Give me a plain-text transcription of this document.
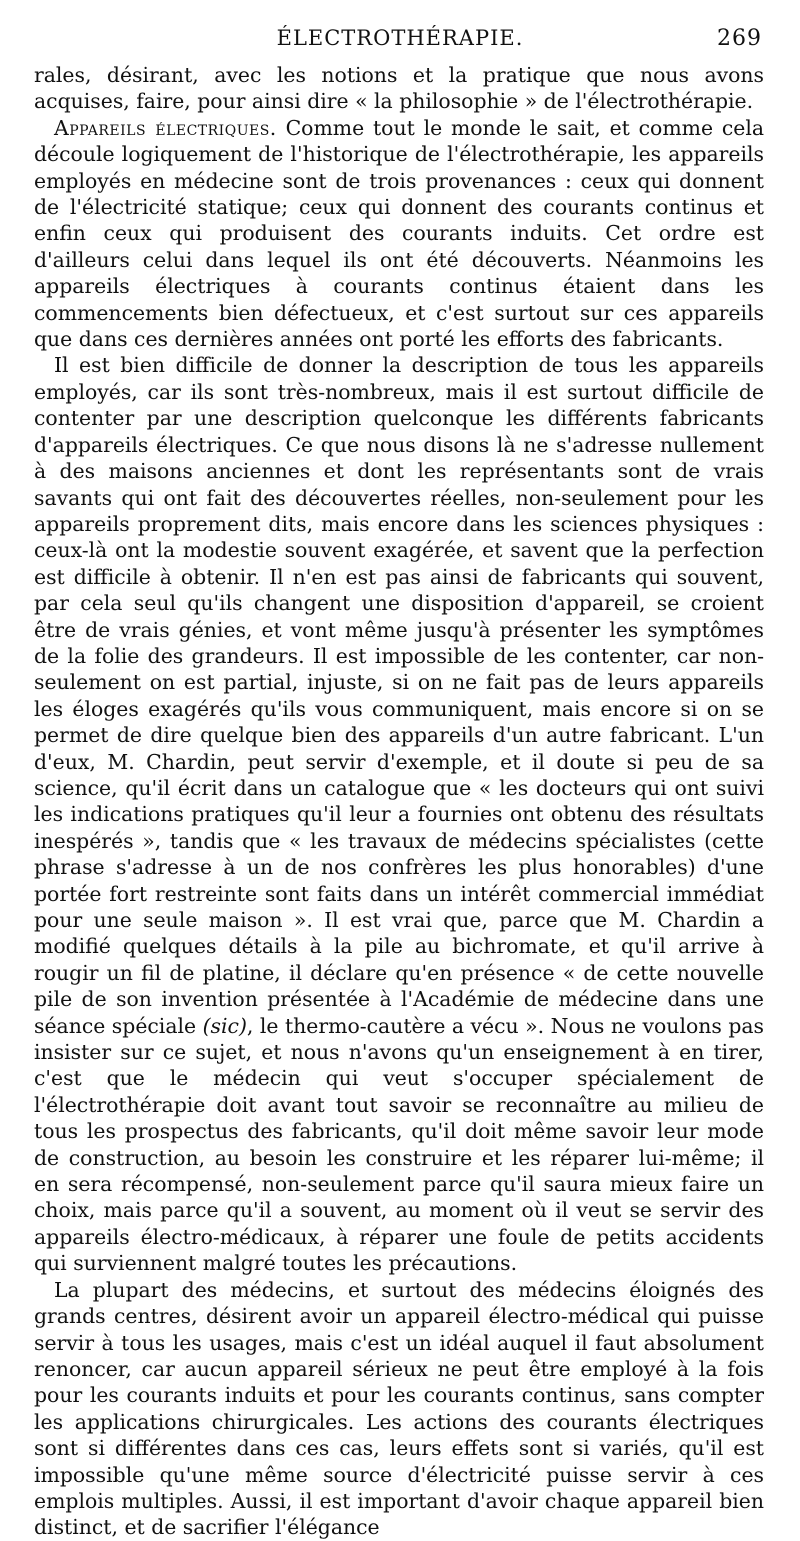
ÉLECTROTHÉRAPIE.	269

rales, désirant, avec les notions et la pratique que nous avons acquises, faire, pour ainsi dire « la philosophie » de l'électrothérapie.

Appareils électriques. Comme tout le monde le sait, et comme cela découle logiquement de l'historique de l'électrothérapie, les appareils employés en médecine sont de trois provenances : ceux qui donnent de l'électricité statique; ceux qui donnent des courants continus et enfin ceux qui produisent des courants induits. Cet ordre est d'ailleurs celui dans lequel ils ont été découverts. Néanmoins les appareils électriques à courants continus étaient dans les commencements bien défectueux, et c'est surtout sur ces appareils que dans ces dernières années ont porté les efforts des fabricants.

Il est bien difficile de donner la description de tous les appareils employés, car ils sont très-nombreux, mais il est surtout difficile de contenter par une description quelconque les différents fabricants d'appareils électriques. Ce que nous disons là ne s'adresse nullement à des maisons anciennes et dont les représentants sont de vrais savants qui ont fait des découvertes réelles, non-seulement pour les appareils proprement dits, mais encore dans les sciences physiques : ceux-là ont la modestie souvent exagérée, et savent que la perfection est difficile à obtenir. Il n'en est pas ainsi de fabricants qui souvent, par cela seul qu'ils changent une disposition d'appareil, se croient être de vrais génies, et vont même jusqu'à présenter les symptômes de la folie des grandeurs. Il est impossible de les contenter, car non-seulement on est partial, injuste, si on ne fait pas de leurs appareils les éloges exagérés qu'ils vous communiquent, mais encore si on se permet de dire quelque bien des appareils d'un autre fabricant. L'un d'eux, M. Chardin, peut servir d'exemple, et il doute si peu de sa science, qu'il écrit dans un catalogue que « les docteurs qui ont suivi les indications pratiques qu'il leur a fournies ont obtenu des résultats inespérés », tandis que « les travaux de médecins spécialistes (cette phrase s'adresse à un de nos confrères les plus honorables) d'une portée fort restreinte sont faits dans un intérêt commercial immédiat pour une seule maison ». Il est vrai que, parce que M. Chardin a modifié quelques détails à la pile au bichromate, et qu'il arrive à rougir un fil de platine, il déclare qu'en présence « de cette nouvelle pile de son invention présentée à l'Académie de médecine dans une séance spéciale (sic), le thermo-cautère a vécu ». Nous ne voulons pas insister sur ce sujet, et nous n'avons qu'un enseignement à en tirer, c'est que le médecin qui veut s'occuper spécialement de l'électrothérapie doit avant tout savoir se reconnaître au milieu de tous les prospectus des fabricants, qu'il doit même savoir leur mode de construction, au besoin les construire et les réparer lui-même; il en sera récompensé, non-seulement parce qu'il saura mieux faire un choix, mais parce qu'il a souvent, au moment où il veut se servir des appareils électro-médicaux, à réparer une foule de petits accidents qui surviennent malgré toutes les précautions.

La plupart des médecins, et surtout des médecins éloignés des grands centres, désirent avoir un appareil électro-médical qui puisse servir à tous les usages, mais c'est un idéal auquel il faut absolument renoncer, car aucun appareil sérieux ne peut être employé à la fois pour les courants induits et pour les courants continus, sans compter les applications chirurgicales. Les actions des courants électriques sont si différentes dans ces cas, leurs effets sont si variés, qu'il est impossible qu'une même source d'électricité puisse servir à ces emplois multiples. Aussi, il est important d'avoir chaque appareil bien distinct, et de sacrifier l'élégance
